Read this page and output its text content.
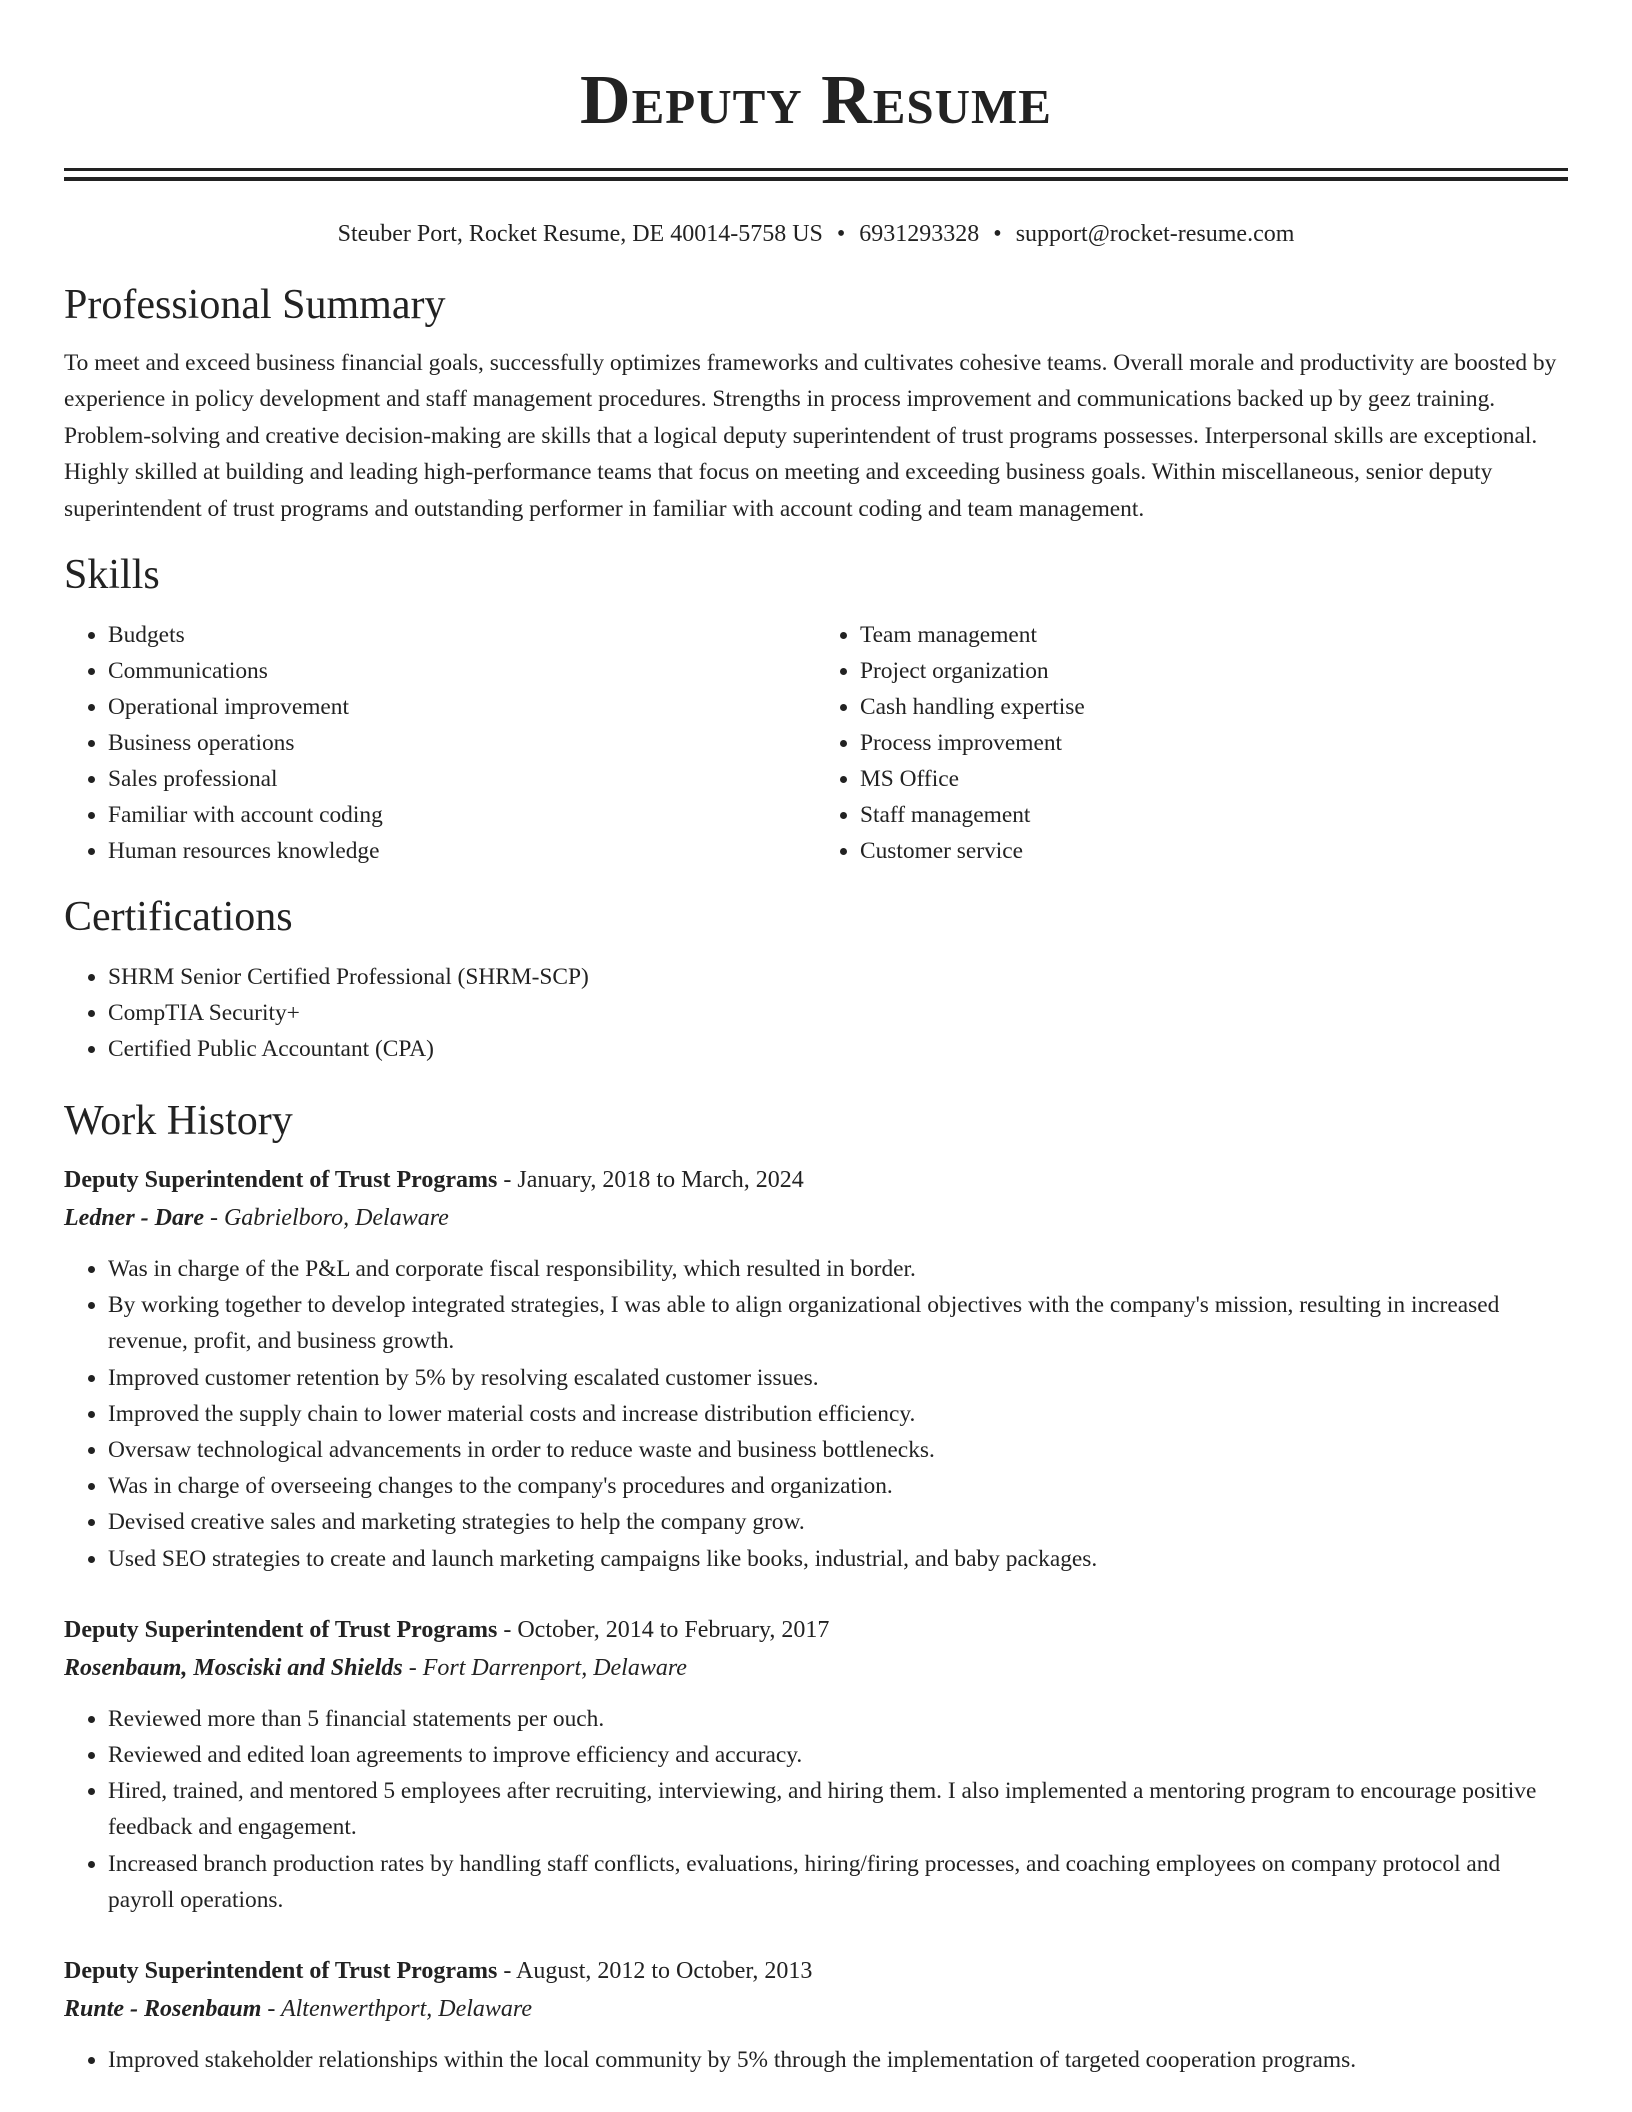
Deputy Resume
Steuber Port, Rocket Resume, DE 40014-5758 US • 6931293328 • support@rocket-resume.com
Professional Summary

To meet and exceed business financial goals, successfully optimizes frameworks and cultivates cohesive teams. Overall morale and productivity are boosted by experience in policy development and staff management procedures. Strengths in process improvement and communications backed up by geez training. Problem-solving and creative decision-making are skills that a logical deputy superintendent of trust programs possesses. Interpersonal skills are exceptional. Highly skilled at building and leading high-performance teams that focus on meeting and exceeding business goals. Within miscellaneous, senior deputy superintendent of trust programs and outstanding performer in familiar with account coding and team management.

Skills
• Budgets
• Communications
• Operational improvement
• Business operations
• Sales professional
• Familiar with account coding
• Human resources knowledge
• Team management
• Project organization
• Cash handling expertise
• Process improvement
• MS Office
• Staff management
• Customer service
Certifications
• SHRM Senior Certified Professional (SHRM-SCP)
• CompTIA Security+
• Certified Public Accountant (CPA)
Work History
Deputy Superintendent of Trust Programs - January, 2018 to March, 2024
Ledner - Dare - Gabrielboro, Delaware
• Was in charge of the P&L and corporate fiscal responsibility, which resulted in border.
• By working together to develop integrated strategies, I was able to align organizational objectives with the company's mission, resulting in increased revenue, profit, and business growth.
• Improved customer retention by 5% by resolving escalated customer issues.
• Improved the supply chain to lower material costs and increase distribution efficiency.
• Oversaw technological advancements in order to reduce waste and business bottlenecks.
• Was in charge of overseeing changes to the company's procedures and organization.
• Devised creative sales and marketing strategies to help the company grow.
• Used SEO strategies to create and launch marketing campaigns like books, industrial, and baby packages.
Deputy Superintendent of Trust Programs - October, 2014 to February, 2017
Rosenbaum, Mosciski and Shields - Fort Darrenport, Delaware
• Reviewed more than 5 financial statements per ouch.
• Reviewed and edited loan agreements to improve efficiency and accuracy.
• Hired, trained, and mentored 5 employees after recruiting, interviewing, and hiring them. I also implemented a mentoring program to encourage positive feedback and engagement.
• Increased branch production rates by handling staff conflicts, evaluations, hiring/firing processes, and coaching employees on company protocol and payroll operations.
Deputy Superintendent of Trust Programs - August, 2012 to October, 2013
Runte - Rosenbaum - Altenwerthport, Delaware
• Improved stakeholder relationships within the local community by 5% through the implementation of targeted cooperation programs.
